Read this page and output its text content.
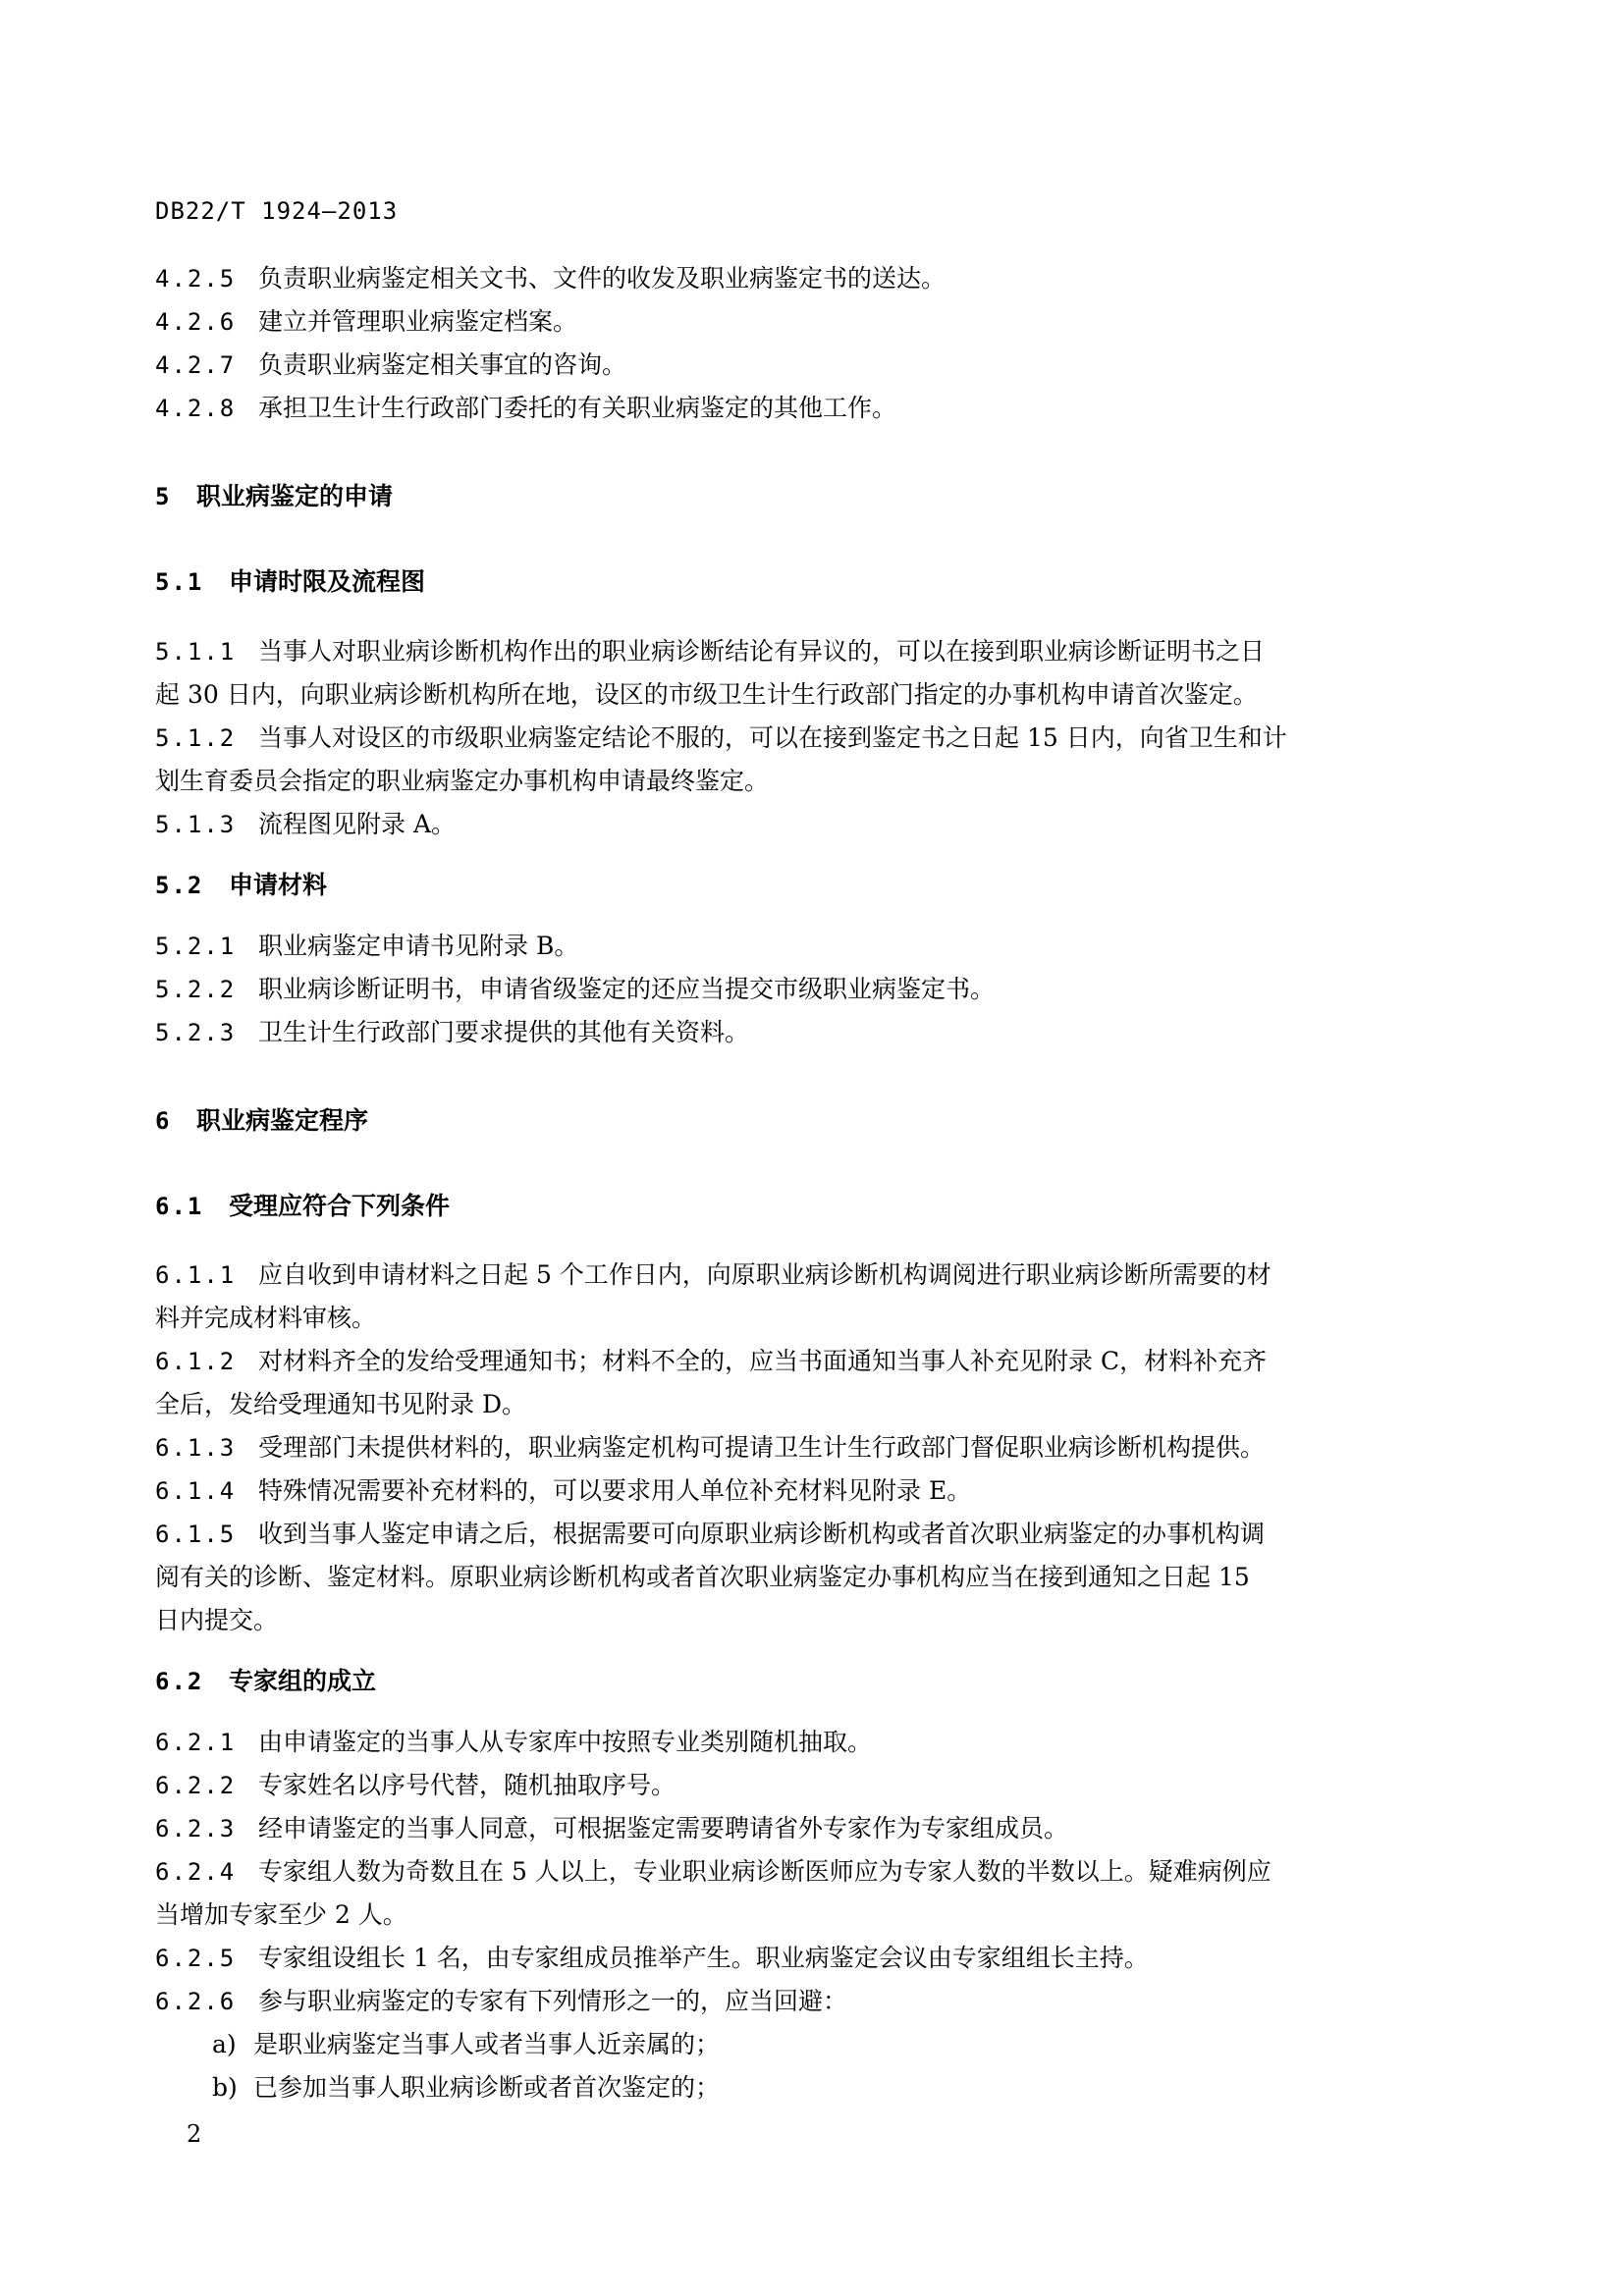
DB22/T 1924—2013
4.2.5 负责职业病鉴定相关文书、文件的收发及职业病鉴定书的送达。
4.2.6 建立并管理职业病鉴定档案。
4.2.7 负责职业病鉴定相关事宜的咨询。
4.2.8 承担卫生计生行政部门委托的有关职业病鉴定的其他工作。
5 职业病鉴定的申请
5.1 申请时限及流程图
5.1.1 当事人对职业病诊断机构作出的职业病诊断结论有异议的，可以在接到职业病诊断证明书之日
起 30 日内，向职业病诊断机构所在地，设区的市级卫生计生行政部门指定的办事机构申请首次鉴定。
5.1.2 当事人对设区的市级职业病鉴定结论不服的，可以在接到鉴定书之日起 15 日内，向省卫生和计
划生育委员会指定的职业病鉴定办事机构申请最终鉴定。
5.1.3 流程图见附录 A。
5.2 申请材料
5.2.1 职业病鉴定申请书见附录 B。
5.2.2 职业病诊断证明书，申请省级鉴定的还应当提交市级职业病鉴定书。
5.2.3 卫生计生行政部门要求提供的其他有关资料。
6 职业病鉴定程序
6.1 受理应符合下列条件
6.1.1 应自收到申请材料之日起 5 个工作日内，向原职业病诊断机构调阅进行职业病诊断所需要的材
料并完成材料审核。
6.1.2 对材料齐全的发给受理通知书；材料不全的，应当书面通知当事人补充见附录 C，材料补充齐
全后，发给受理通知书见附录 D。
6.1.3 受理部门未提供材料的，职业病鉴定机构可提请卫生计生行政部门督促职业病诊断机构提供。
6.1.4 特殊情况需要补充材料的，可以要求用人单位补充材料见附录 E。
6.1.5 收到当事人鉴定申请之后，根据需要可向原职业病诊断机构或者首次职业病鉴定的办事机构调
阅有关的诊断、鉴定材料。原职业病诊断机构或者首次职业病鉴定办事机构应当在接到通知之日起 15
日内提交。
6.2 专家组的成立
6.2.1 由申请鉴定的当事人从专家库中按照专业类别随机抽取。
6.2.2 专家姓名以序号代替，随机抽取序号。
6.2.3 经申请鉴定的当事人同意，可根据鉴定需要聘请省外专家作为专家组成员。
6.2.4 专家组人数为奇数且在 5 人以上，专业职业病诊断医师应为专家人数的半数以上。疑难病例应
当增加专家至少 2 人。
6.2.5 专家组设组长 1 名，由专家组成员推举产生。职业病鉴定会议由专家组组长主持。
6.2.6 参与职业病鉴定的专家有下列情形之一的，应当回避：
a) 是职业病鉴定当事人或者当事人近亲属的；
b) 已参加当事人职业病诊断或者首次鉴定的；
2
